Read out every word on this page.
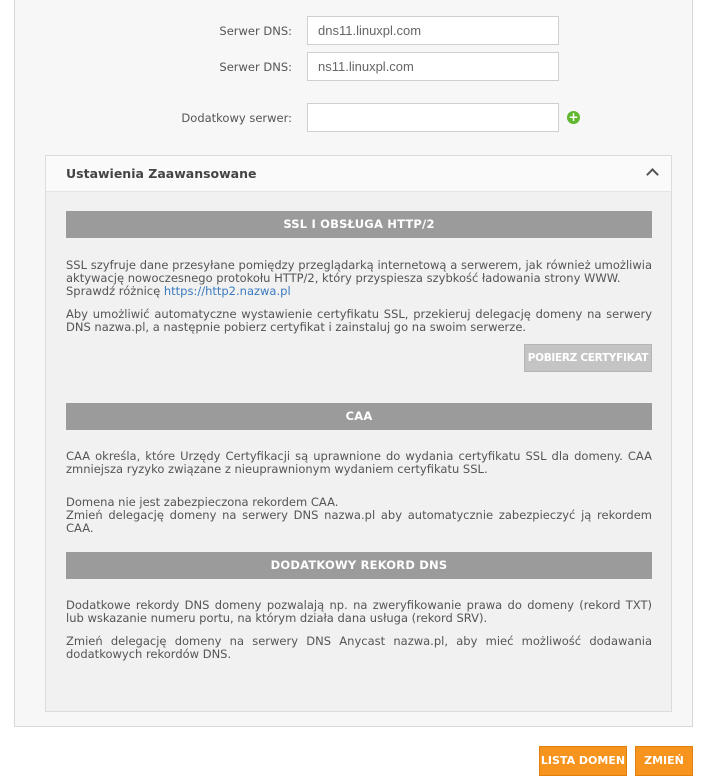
Serwer DNS:	dns11.linuxpl.com
Serwer DNS:	ns11.linuxpl.com
Dodatkowy serwer:	+
Ustawienia Zaawansowane
SSL I OBSŁUGA HTTP/2
SSL szyfruje dane przesyłane pomiędzy przeglądarką internetową a serwerem, jak również umożliwia aktywację nowoczesnego protokołu HTTP/2, który przyspiesza szybkość ładowania strony WWW.
Sprawdź różnicę https://http2.nazwa.pl
Aby umożliwić automatyczne wystawienie certyfikatu SSL, przekieruj delegację domeny na serwery DNS nazwa.pl, a następnie pobierz certyfikat i zainstaluj go na swoim serwerze.
POBIERZ CERTYFIKAT
CAA
CAA określa, które Urzędy Certyfikacji są uprawnione do wydania certyfikatu SSL dla domeny. CAA zmniejsza ryzyko związane z nieuprawnionym wydaniem certyfikatu SSL.
Domena nie jest zabezpieczona rekordem CAA.
Zmień delegację domeny na serwery DNS nazwa.pl aby automatycznie zabezpieczyć ją rekordem CAA.
DODATKOWY REKORD DNS
Dodatkowe rekordy DNS domeny pozwalają np. na zweryfikowanie prawa do domeny (rekord TXT) lub wskazanie numeru portu, na którym działa dana usługa (rekord SRV).
Zmień delegację domeny na serwery DNS Anycast nazwa.pl, aby mieć możliwość dodawania dodatkowych rekordów DNS.
LISTA DOMEN	ZMIEŃ
